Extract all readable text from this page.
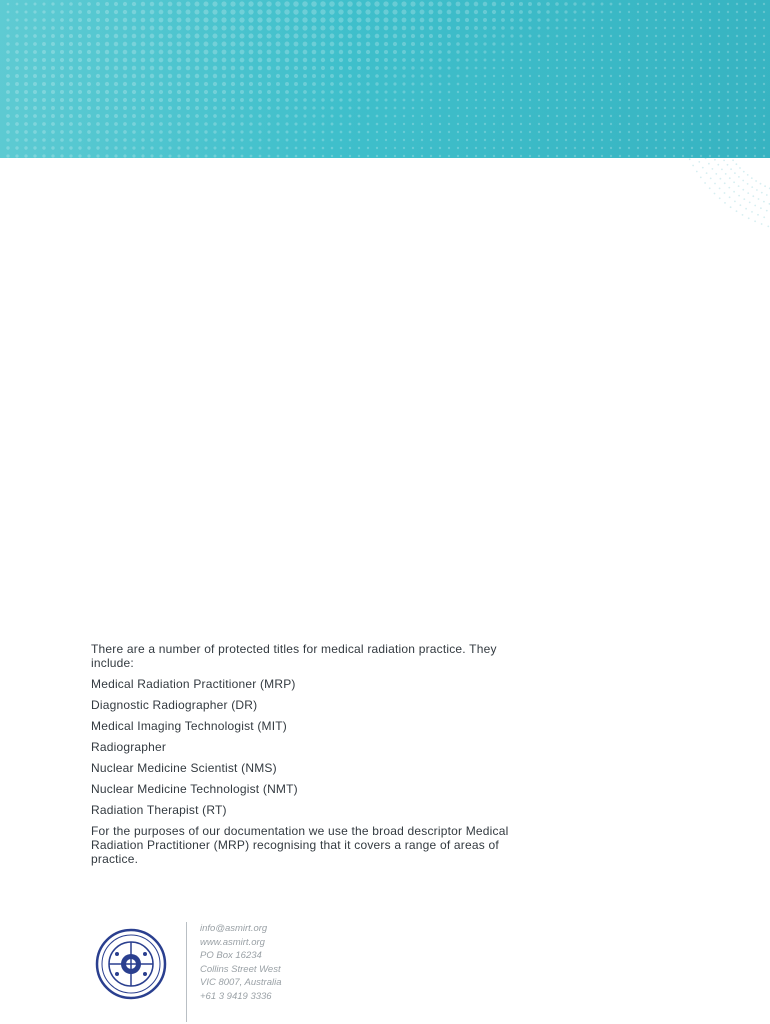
There are a number of protected titles for medical radiation practice. They include:

Medical Radiation Practitioner (MRP)
Diagnostic Radiographer (DR)
Medical Imaging Technologist (MIT)
Radiographer
Nuclear Medicine Scientist (NMS)
Nuclear Medicine Technologist (NMT)
Radiation Therapist (RT)

For the purposes of our documentation we use the broad descriptor Medical Radiation Practitioner (MRP) recognising that it covers a range of areas of practice.

info@asmirt.org
www.asmirt.org
PO Box 16234
Collins Street West
VIC 8007, Australia
+61 3 9419 3336
